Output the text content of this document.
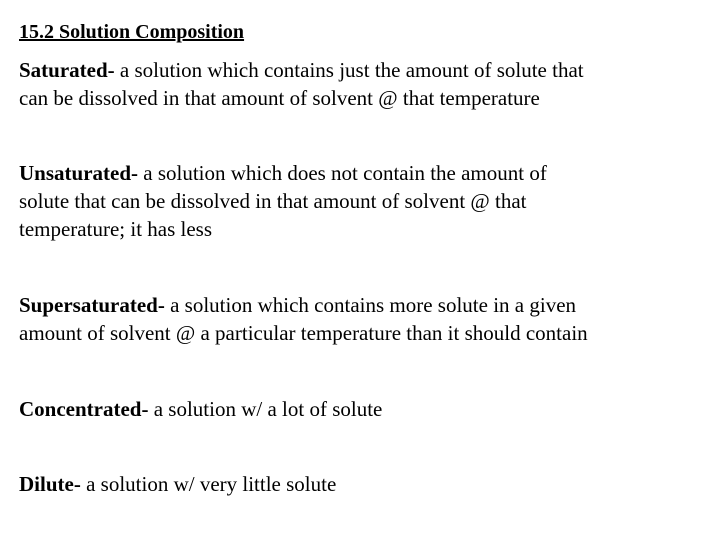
15.2 Solution Composition
Saturated- a solution which contains just the amount of solute that
can be dissolved in that amount of solvent @ that temperature
Unsaturated- a solution which does not contain the amount of
solute that can be dissolved in that amount of solvent @ that
temperature; it has less
Supersaturated- a solution which contains more solute in a given
amount of solvent @ a particular temperature than it should contain
Concentrated- a solution w/ a lot of solute
Dilute- a solution w/ very little solute
